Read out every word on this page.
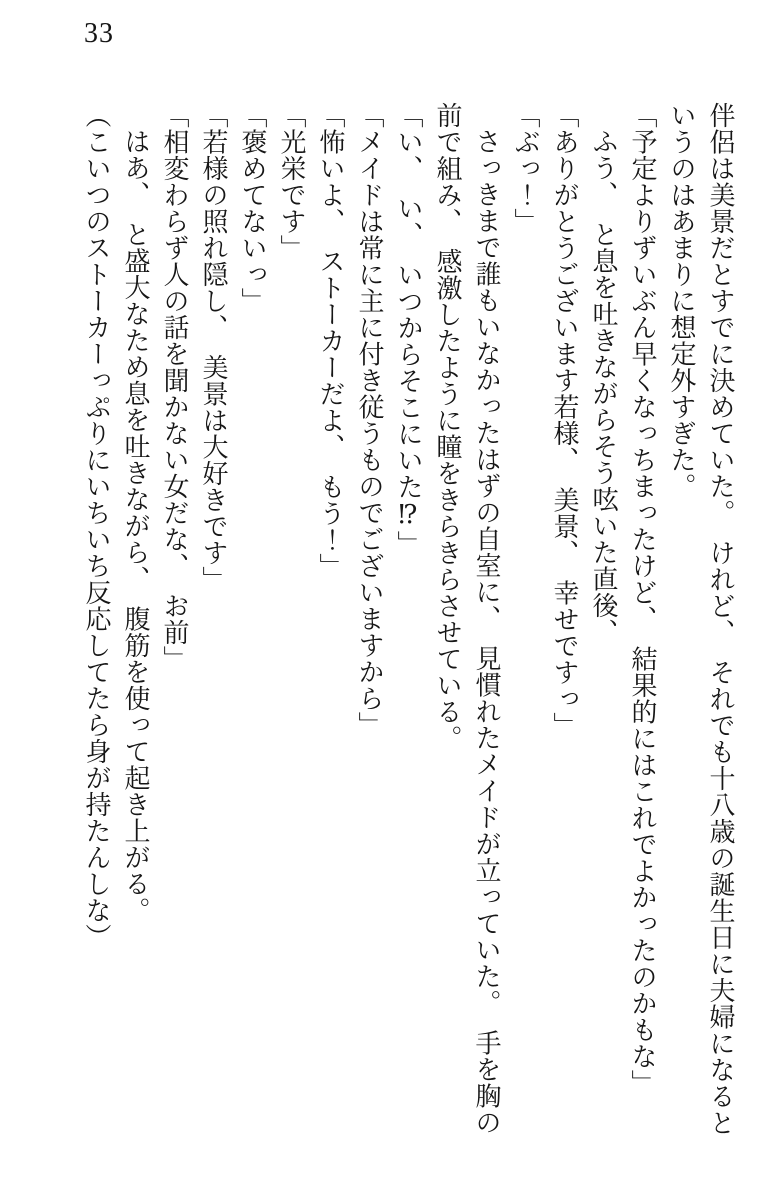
33

伴侶は美景だとすでに決めていた。　けれど、　それでも十八歳の誕生日に夫婦になると

いうのはあまりに想定外すぎた。

「予定よりずいぶん早くなっちまったけど、　結果的にはこれでよかったのかもな」

ふう、　と息を吐きながらそう呟いた直後、

「ありがとうございます若様、　美景、　幸せですっ」

「ぶっ！」

さっきまで誰もいなかったはずの自室に、　見慣れたメイドが立っていた。　手を胸の

前で組み、　感激したように瞳をきらきらさせている。

「い、　い、　いつからそこにいた⁉」

「メイドは常に主に付き従うものでございますから」

「怖いよ、　ストーカーだよ、　もう！」

「光栄です」

「褒めてないっ」

「若様の照れ隠し、　美景は大好きです」

「相変わらず人の話を聞かない女だな、　お前」

はあ、　と盛大なため息を吐きながら、　腹筋を使って起き上がる。

（こいつのストーカーっぷりにいちいち反応してたら身が持たんしな）
